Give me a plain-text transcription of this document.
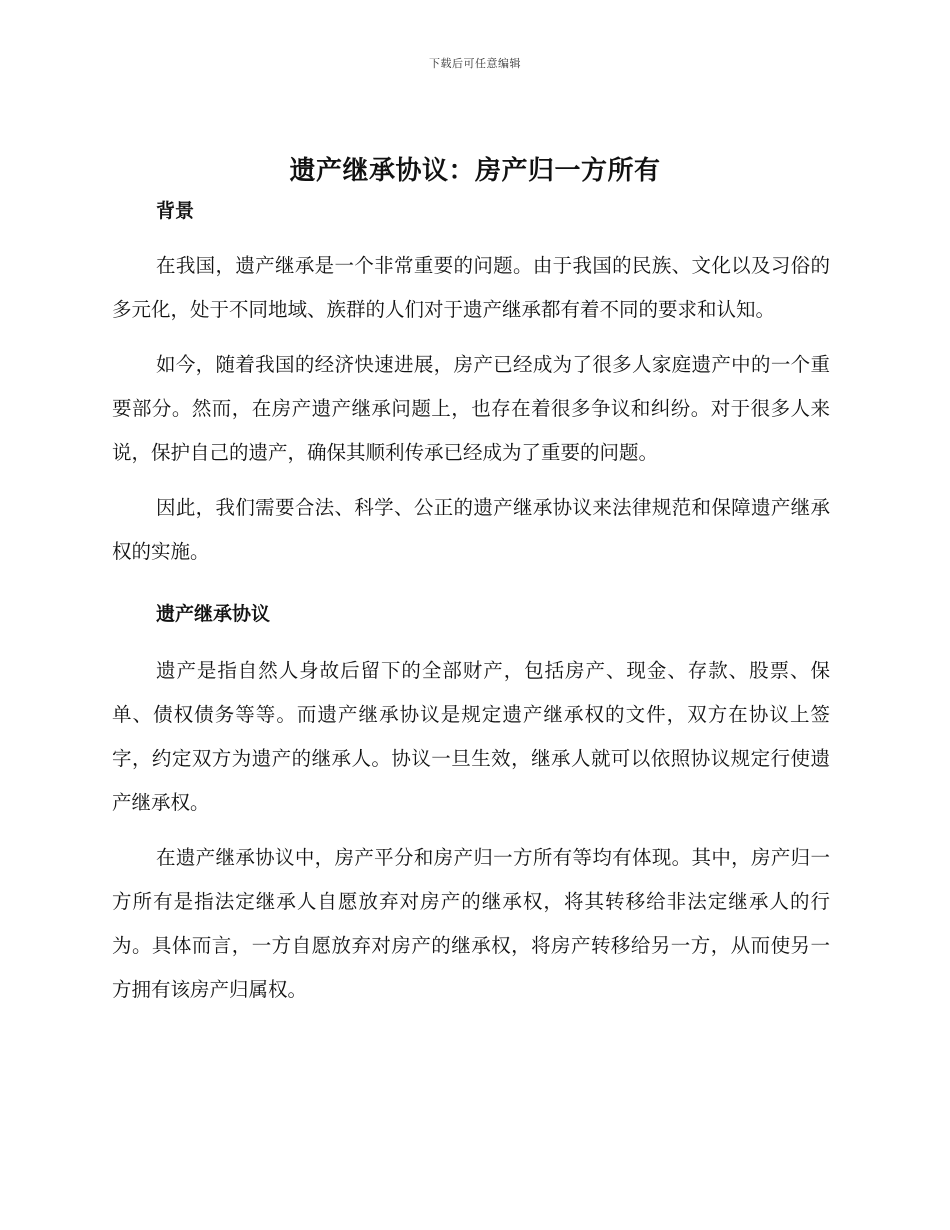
下载后可任意编辑
遗产继承协议：房产归一方所有
背景

在我国，遗产继承是一个非常重要的问题。由于我国的民族、文化以及习俗的多元化，处于不同地域、族群的人们对于遗产继承都有着不同的要求和认知。

如今，随着我国的经济快速进展，房产已经成为了很多人家庭遗产中的一个重要部分。然而，在房产遗产继承问题上，也存在着很多争议和纠纷。对于很多人来说，保护自己的遗产，确保其顺利传承已经成为了重要的问题。

因此，我们需要合法、科学、公正的遗产继承协议来法律规范和保障遗产继承权的实施。

遗产继承协议

遗产是指自然人身故后留下的全部财产，包括房产、现金、存款、股票、保单、债权债务等等。而遗产继承协议是规定遗产继承权的文件，双方在协议上签字，约定双方为遗产的继承人。协议一旦生效，继承人就可以依照协议规定行使遗产继承权。

在遗产继承协议中，房产平分和房产归一方所有等均有体现。其中，房产归一方所有是指法定继承人自愿放弃对房产的继承权，将其转移给非法定继承人的行为。具体而言，一方自愿放弃对房产的继承权，将房产转移给另一方，从而使另一方拥有该房产归属权。
